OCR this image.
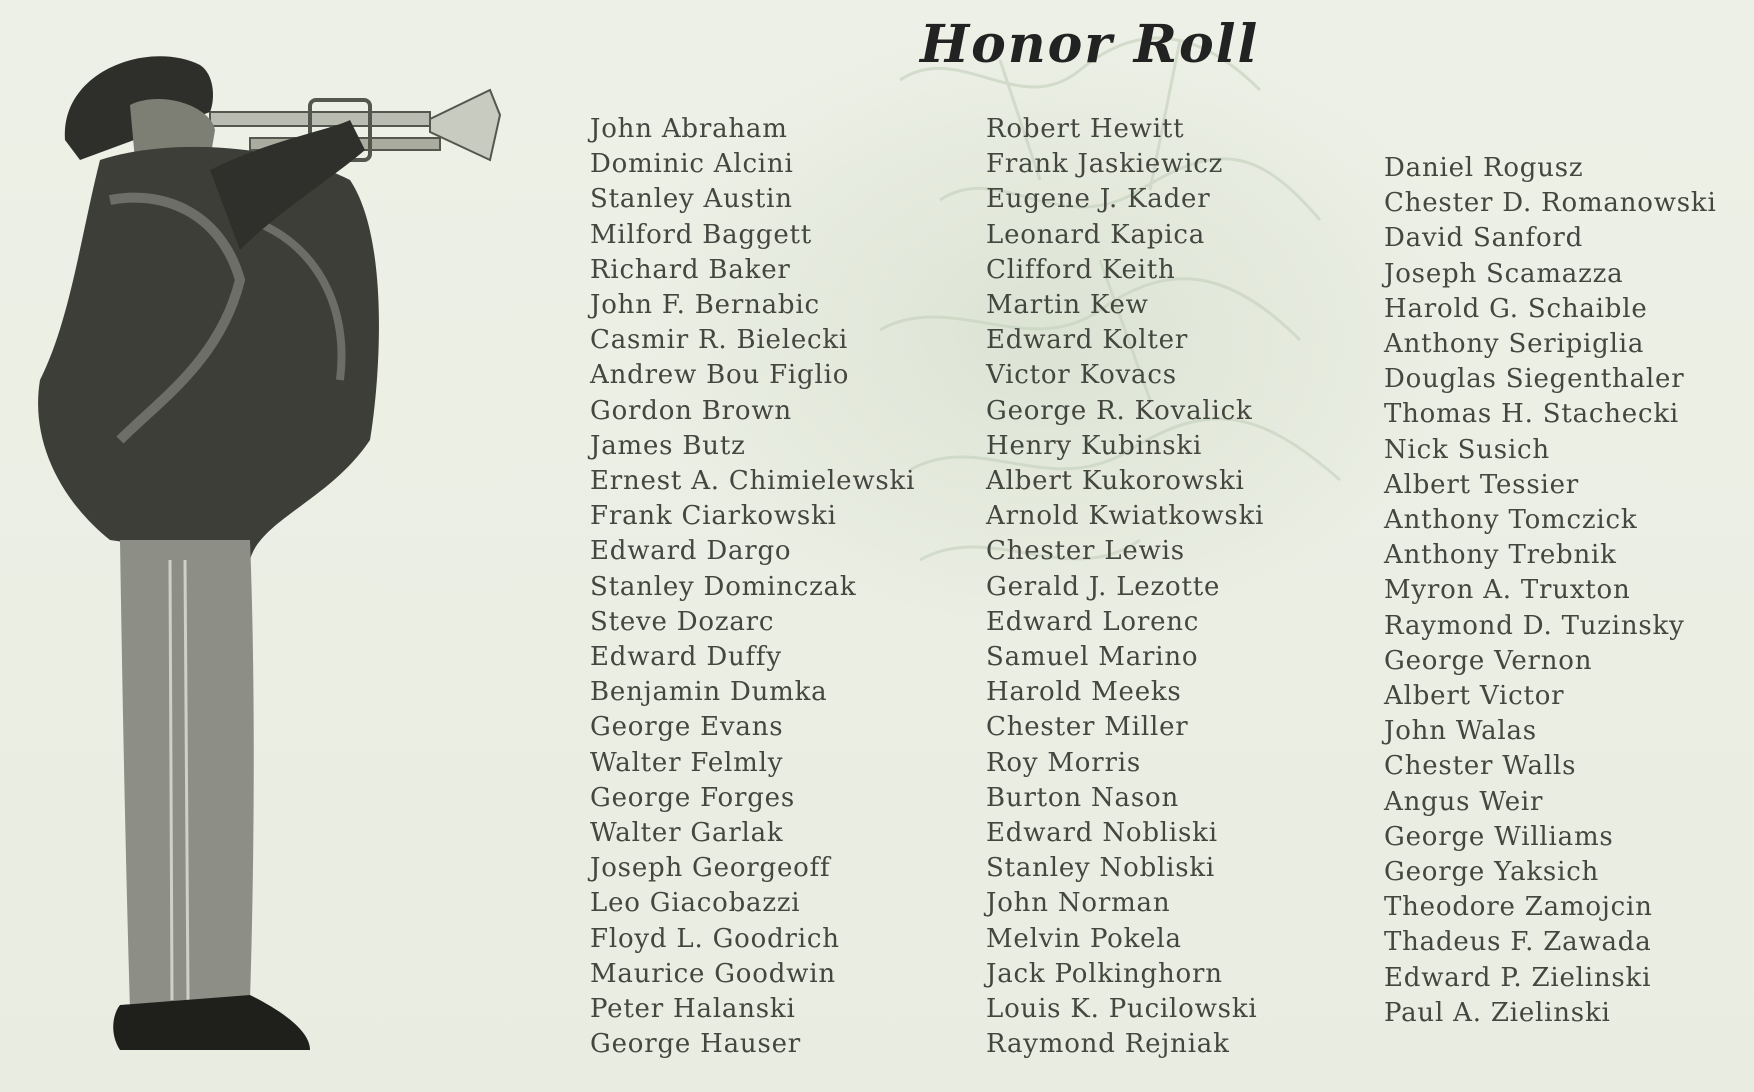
Honor Roll
John Abraham
Dominic Alcini
Stanley Austin
Milford Baggett
Richard Baker
John F. Bernabic
Casmir R. Bielecki
Andrew Bou Figlio
Gordon Brown
James Butz
Ernest A. Chimielewski
Frank Ciarkowski
Edward Dargo
Stanley Dominczak
Steve Dozarc
Edward Duffy
Benjamin Dumka
George Evans
Walter Felmly
George Forges
Walter Garlak
Joseph Georgeoff
Leo Giacobazzi
Floyd L. Goodrich
Maurice Goodwin
Peter Halanski
George Hauser
Robert Hewitt
Frank Jaskiewicz
Eugene J. Kader
Leonard Kapica
Clifford Keith
Martin Kew
Edward Kolter
Victor Kovacs
George R. Kovalick
Henry Kubinski
Albert Kukorowski
Arnold Kwiatkowski
Chester Lewis
Gerald J. Lezotte
Edward Lorenc
Samuel Marino
Harold Meeks
Chester Miller
Roy Morris
Burton Nason
Edward Nobliski
Stanley Nobliski
John Norman
Melvin Pokela
Jack Polkinghorn
Louis K. Pucilowski
Raymond Rejniak
Daniel Rogusz
Chester D. Romanowski
David Sanford
Joseph Scamazza
Harold G. Schaible
Anthony Seripiglia
Douglas Siegenthaler
Thomas H. Stachecki
Nick Susich
Albert Tessier
Anthony Tomczick
Anthony Trebnik
Myron A. Truxton
Raymond D. Tuzinsky
George Vernon
Albert Victor
John Walas
Chester Walls
Angus Weir
George Williams
George Yaksich
Theodore Zamojcin
Thadeus F. Zawada
Edward P. Zielinski
Paul A. Zielinski
